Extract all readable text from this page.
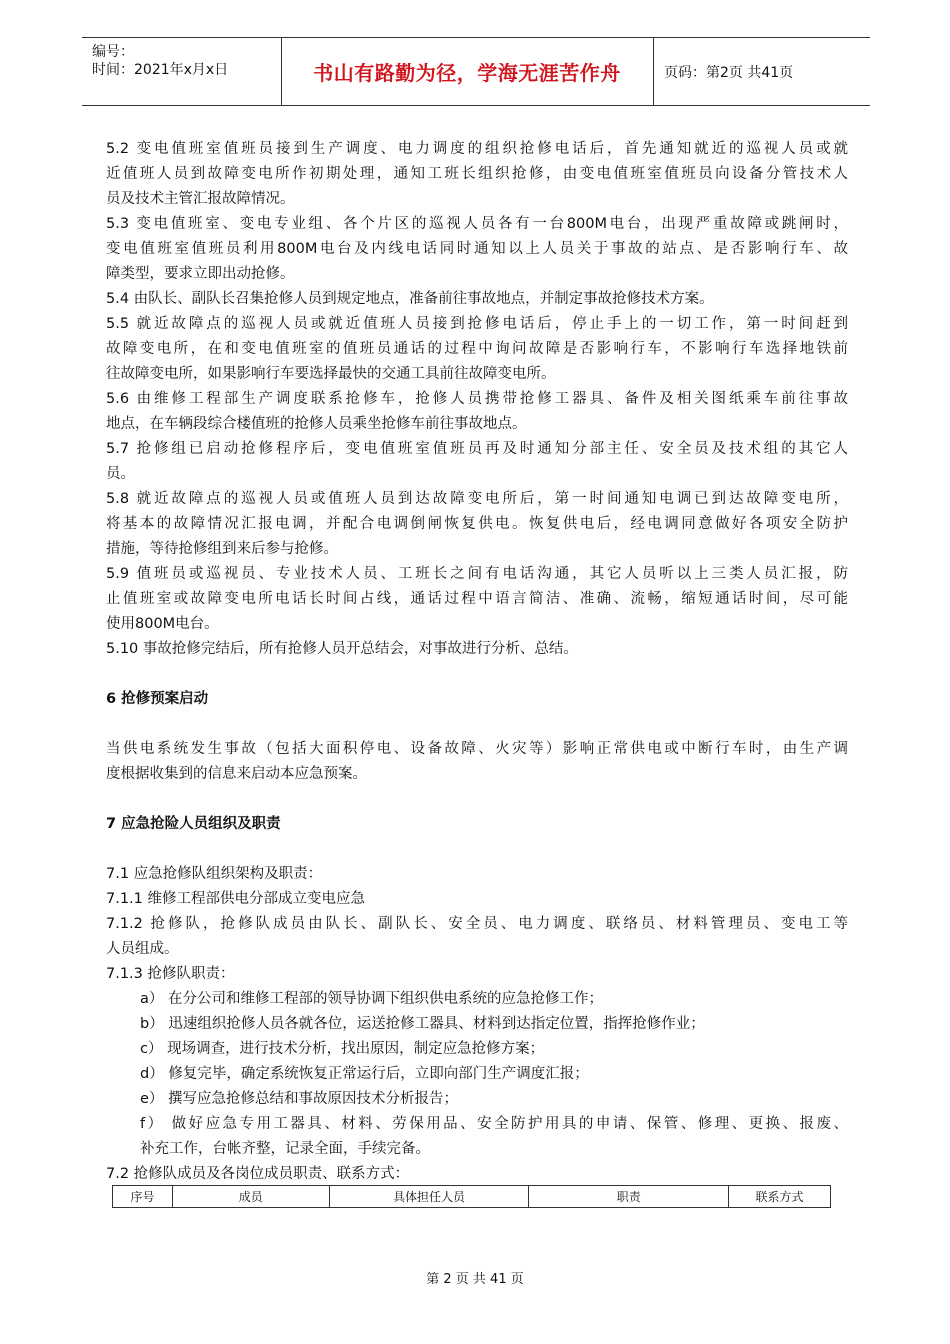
编号：
时间：2021年x月x日	书山有路勤为径，学海无涯苦作舟	页码：第2页 共41页
5.2 变电值班室值班员接到生产调度、电力调度的组织抢修电话后，首先通知就近的巡视人员或就
近值班人员到故障变电所作初期处理，通知工班长组织抢修，由变电值班室值班员向设备分管技术人
员及技术主管汇报故障情况。
5.3 变电值班室、变电专业组、各个片区的巡视人员各有一台800M电台，出现严重故障或跳闸时，
变电值班室值班员利用800M电台及内线电话同时通知以上人员关于事故的站点、是否影响行车、故
障类型，要求立即出动抢修。
5.4 由队长、副队长召集抢修人员到规定地点，准备前往事故地点，并制定事故抢修技术方案。
5.5 就近故障点的巡视人员或就近值班人员接到抢修电话后，停止手上的一切工作，第一时间赶到
故障变电所，在和变电值班室的值班员通话的过程中询问故障是否影响行车，不影响行车选择地铁前
往故障变电所，如果影响行车要选择最快的交通工具前往故障变电所。
5.6 由维修工程部生产调度联系抢修车，抢修人员携带抢修工器具、备件及相关图纸乘车前往事故
地点，在车辆段综合楼值班的抢修人员乘坐抢修车前往事故地点。
5.7 抢修组已启动抢修程序后，变电值班室值班员再及时通知分部主任、安全员及技术组的其它人
员。
5.8 就近故障点的巡视人员或值班人员到达故障变电所后，第一时间通知电调已到达故障变电所，
将基本的故障情况汇报电调，并配合电调倒闸恢复供电。恢复供电后，经电调同意做好各项安全防护
措施，等待抢修组到来后参与抢修。
5.9 值班员或巡视员、专业技术人员、工班长之间有电话沟通，其它人员听以上三类人员汇报，防
止值班室或故障变电所电话长时间占线，通话过程中语言简洁、准确、流畅，缩短通话时间，尽可能
使用800M电台。
5.10 事故抢修完结后，所有抢修人员开总结会，对事故进行分析、总结。
6 抢修预案启动
当供电系统发生事故（包括大面积停电、设备故障、火灾等）影响正常供电或中断行车时，由生产调
度根据收集到的信息来启动本应急预案。
7 应急抢险人员组织及职责
7.1 应急抢修队组织架构及职责：
7.1.1 维修工程部供电分部成立变电应急
7.1.2 抢修队，抢修队成员由队长、副队长、安全员、电力调度、联络员、材料管理员、变电工等
人员组成。
7.1.3 抢修队职责：
a） 在分公司和维修工程部的领导协调下组织供电系统的应急抢修工作；
b） 迅速组织抢修人员各就各位，运送抢修工器具、材料到达指定位置，指挥抢修作业；
c） 现场调查，进行技术分析，找出原因，制定应急抢修方案；
d） 修复完毕，确定系统恢复正常运行后，立即向部门生产调度汇报；
e） 撰写应急抢修总结和事故原因技术分析报告；
f） 做好应急专用工器具、材料、劳保用品、安全防护用具的申请、保管、修理、更换、报废、
补充工作，台帐齐整，记录全面，手续完备。
7.2 抢修队成员及各岗位成员职责、联系方式：
序号	成员	具体担任人员	职责	联系方式
第 2 页 共 41 页
